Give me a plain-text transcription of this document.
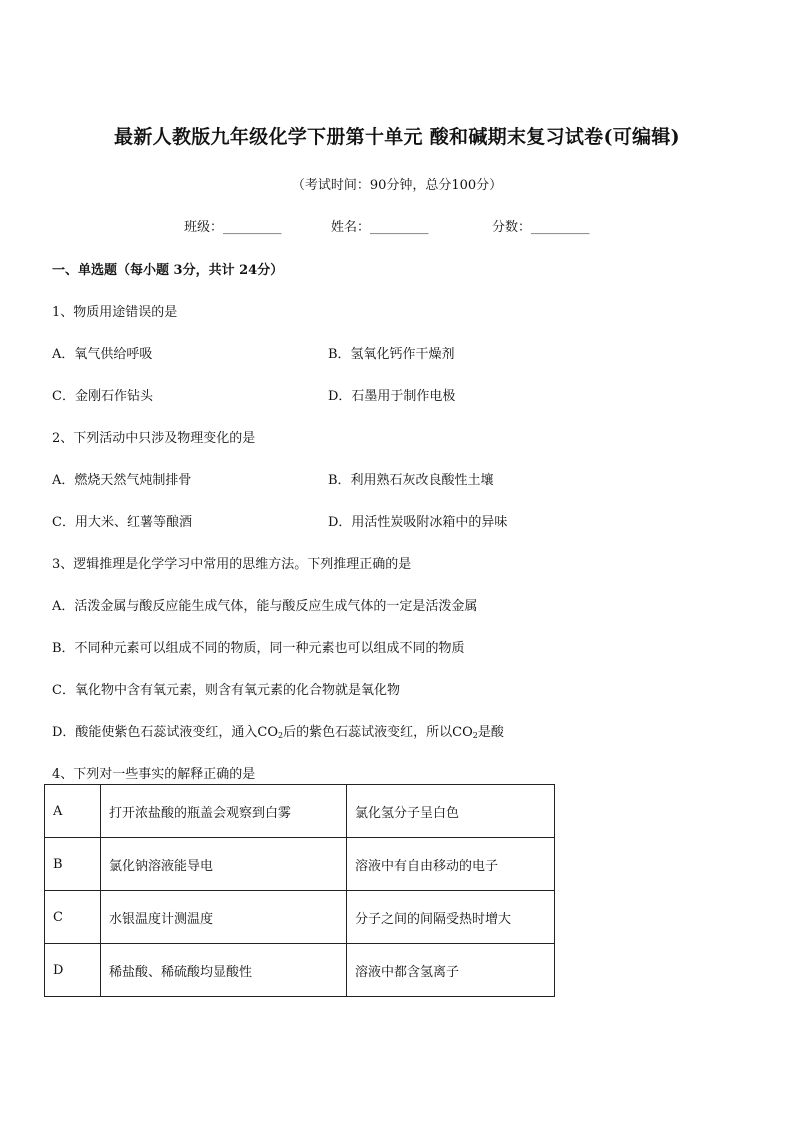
最新人教版九年级化学下册第十单元 酸和碱期末复习试卷(可编辑)
（考试时间：90分钟，总分100分）
班级：_________	姓名：_________	分数：_________
一、单选题（每小题 3分，共计 24分）
1、物质用途错误的是
A．氧气供给呼吸	B．氢氧化钙作干燥剂
C．金刚石作钻头	D．石墨用于制作电极
2、下列活动中只涉及物理变化的是
A．燃烧天然气炖制排骨	B．利用熟石灰改良酸性土壤
C．用大米、红薯等酿酒	D．用活性炭吸附冰箱中的异味
3、逻辑推理是化学学习中常用的思维方法。下列推理正确的是
A．活泼金属与酸反应能生成气体，能与酸反应生成气体的一定是活泼金属
B．不同种元素可以组成不同的物质，同一种元素也可以组成不同的物质
C．氧化物中含有氧元素，则含有氧元素的化合物就是氧化物
D．酸能使紫色石蕊试液变红，通入$CO_2$后的紫色石蕊试液变红，所以$CO_2$是酸
4、下列对一些事实的解释正确的是
A	打开浓盐酸的瓶盖会观察到白雾	氯化氢分子呈白色
B	氯化钠溶液能导电	溶液中有自由移动的电子
C	水银温度计测温度	分子之间的间隔受热时增大
D	稀盐酸、稀硫酸均显酸性	溶液中都含氢离子
